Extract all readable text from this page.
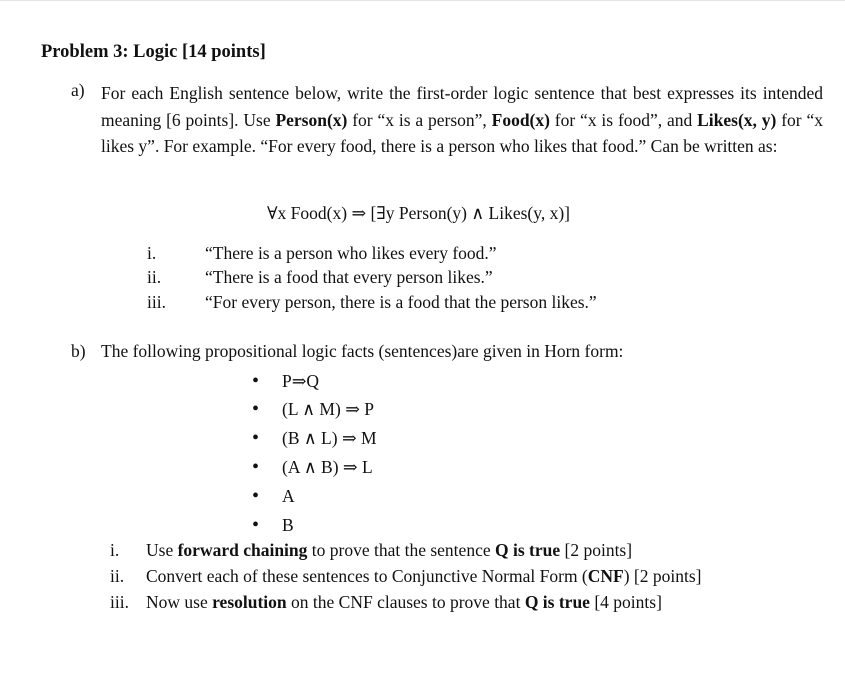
Problem 3: Logic [14 points]
a) For each English sentence below, write the first-order logic sentence that best expresses its intended meaning [6 points]. Use Person(x) for “x is a person”, Food(x) for “x is food”, and Likes(x, y) for “x likes y”. For example. “For every food, there is a person who likes that food.” Can be written as:
∀x Food(x) ⇒ [∃y Person(y) ∧ Likes(y, x)]
i.	“There is a person who likes every food.”
ii.	“There is a food that every person likes.”
iii.	“For every person, there is a food that the person likes.”
b) The following propositional logic facts (sentences)are given in Horn form:
• P⇒Q
• (L ∧ M) ⇒ P
• (B ∧ L) ⇒ M
• (A ∧ B) ⇒ L
• A
• B
i.	Use forward chaining to prove that the sentence Q is true [2 points]
ii.	Convert each of these sentences to Conjunctive Normal Form (CNF) [2 points]
iii. Now use resolution on the CNF clauses to prove that Q is true [4 points]
